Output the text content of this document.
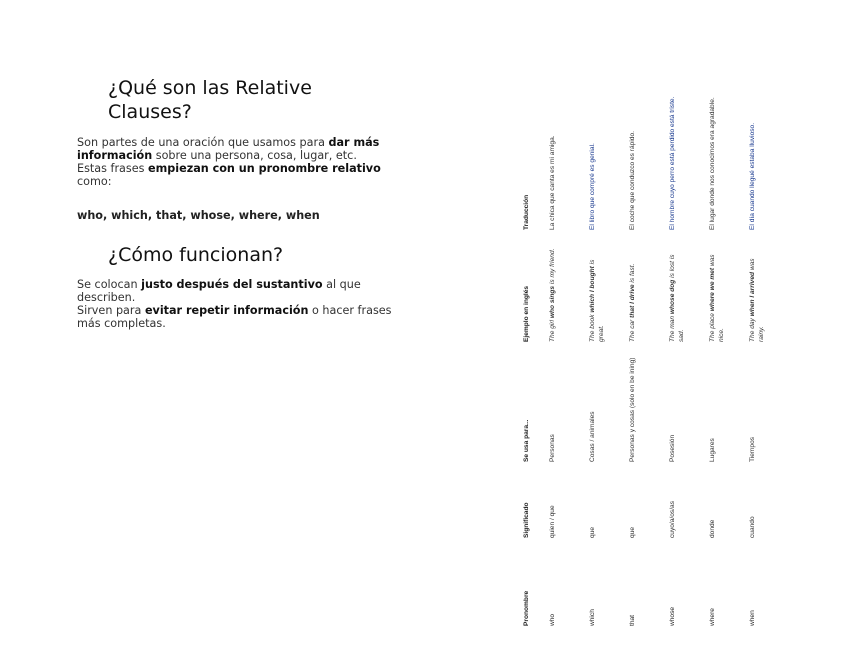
¿Qué son las Relative
Clauses?

Son partes de una oración que usamos para dar más información sobre una persona, cosa, lugar, etc.
Estas frases empiezan con un pronombre relativo como:

who, which, that, whose, where, when

¿Cómo funcionan?

Se colocan justo después del sustantivo al que describen.
Sirven para evitar repetir información o hacer frases más completas.

Pronombre
Significado
Se usa para...
Ejemplo en inglés
Traducción
who
quien / que
Personas
The girl who sings is my friend.
La chica que canta es mi amiga.
which
que
Cosas / animales
The book which I bought is great.
El libro que compré es genial.
that
que
Personas y cosas (solo en be ining)
The car that I drive is fast.
El coche que conduzco es rápido.
whose
cuyo/a/os/as
Posesión
The man whose dog is lost is sad.
El hombre cuyo perro está perdido está triste.
where
donde
Lugares
The place where we met was nice.
El lugar donde nos conocimos era agradable.
when
cuando
Tiempos
The day when I arrived was rainy.
El día cuando llegué estaba lluvioso.
